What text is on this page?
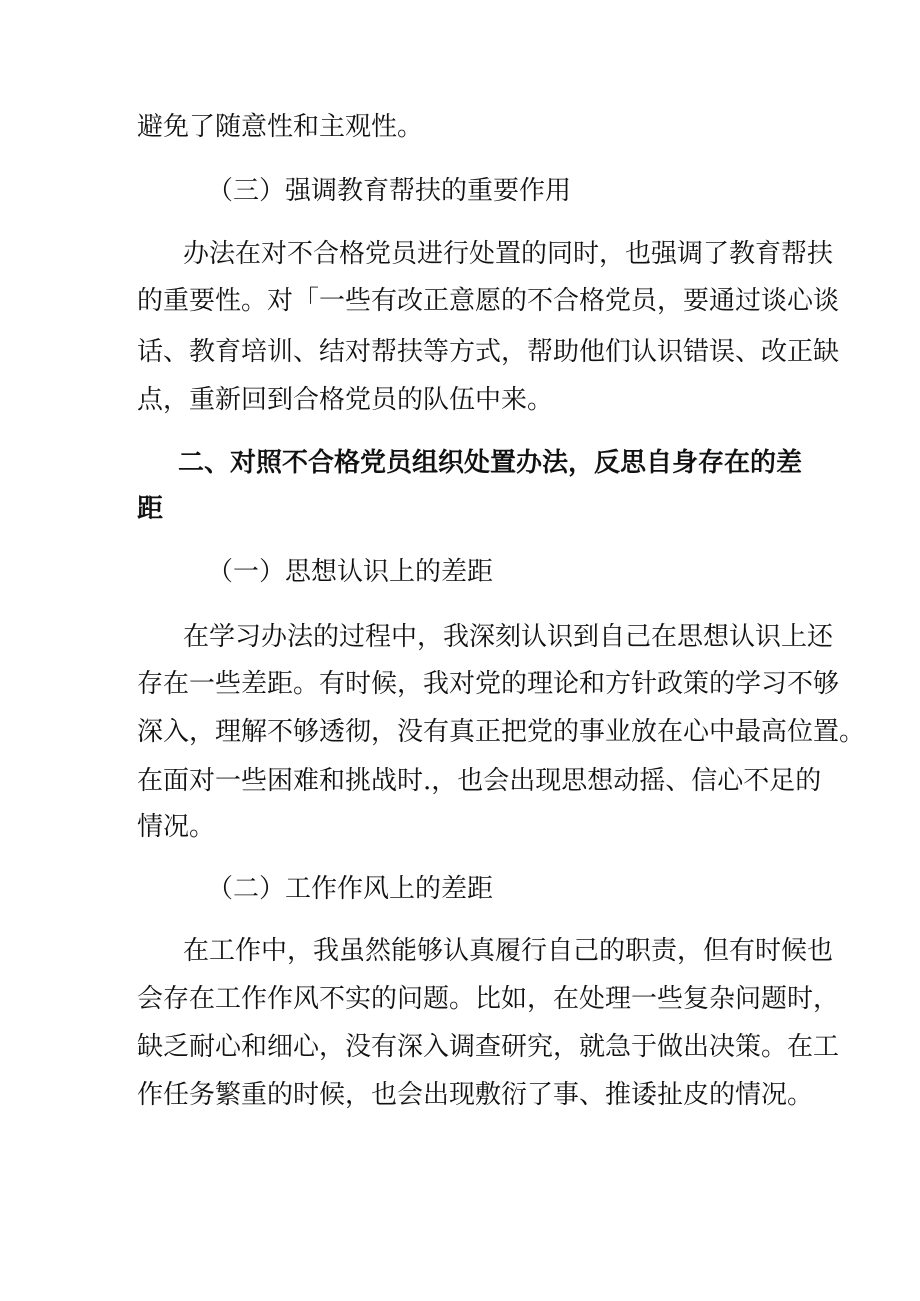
避免了随意性和主观性。
（三）强调教育帮扶的重要作用
办法在对不合格党员进行处置的同时，也强调了教育帮扶
的重要性。对「一些有改正意愿的不合格党员，要通过谈心谈
话、教育培训、结对帮扶等方式，帮助他们认识错误、改正缺
点，重新回到合格党员的队伍中来。
二、对照不合格党员组织处置办法，反思自身存在的差
距
（一）思想认识上的差距
在学习办法的过程中，我深刻认识到自己在思想认识上还
存在一些差距。有时候，我对党的理论和方针政策的学习不够
深入，理解不够透彻，没有真正把党的事业放在心中最高位置。
在面对一些困难和挑战时.，也会出现思想动摇、信心不足的
情况。
（二）工作作风上的差距
在工作中，我虽然能够认真履行自己的职责，但有时候也
会存在工作作风不实的问题。比如，在处理一些复杂问题时，
缺乏耐心和细心，没有深入调查研究，就急于做出决策。在工
作任务繁重的时候，也会出现敷衍了事、推诿扯皮的情况。
